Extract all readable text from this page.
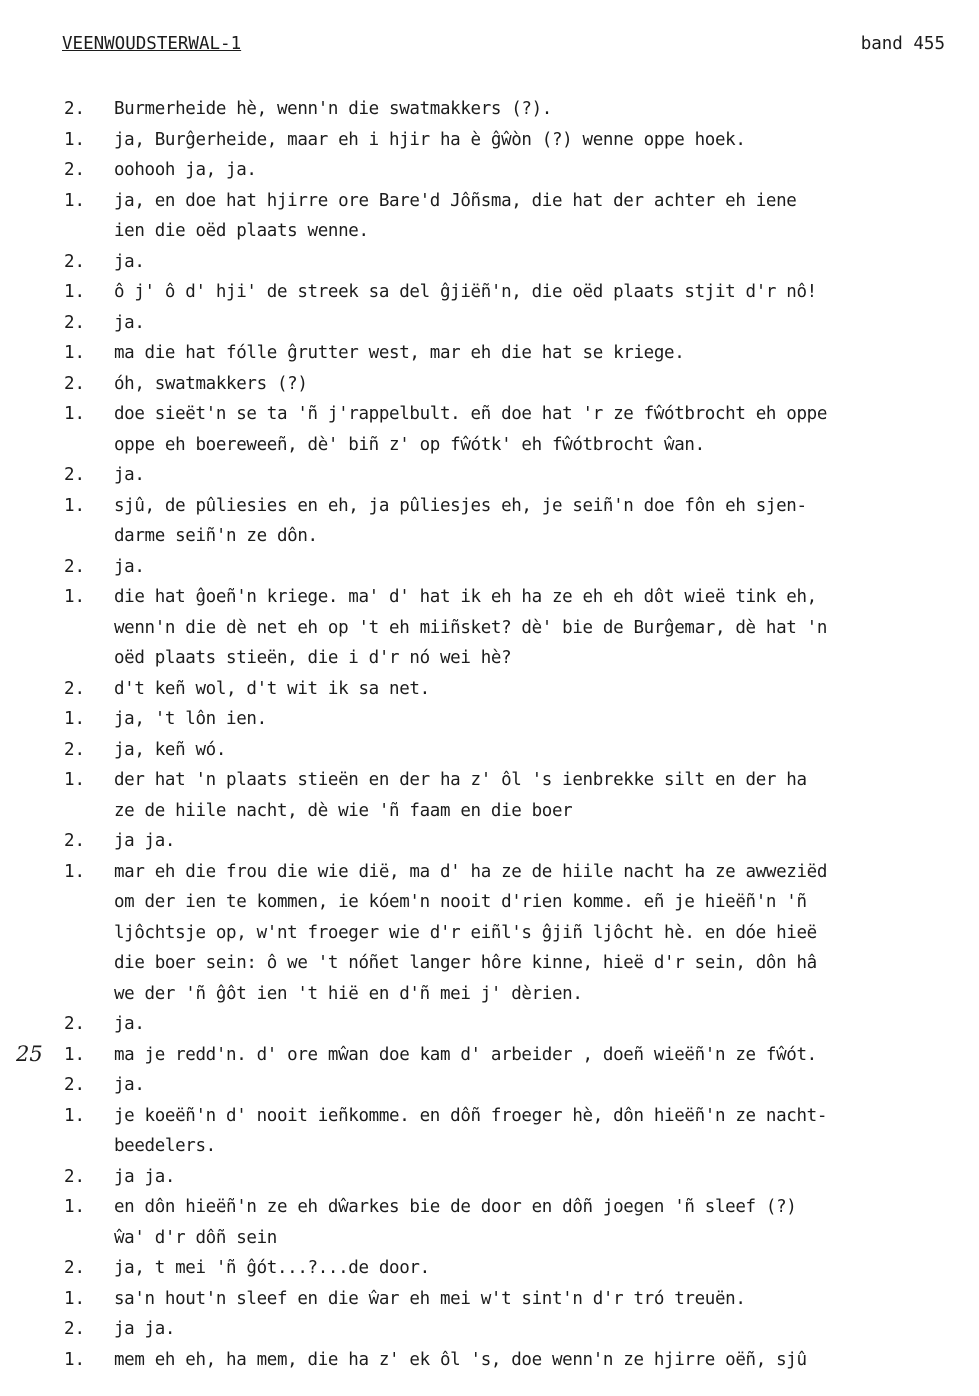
VEENWOUDSTERWAL-1	band 455
25
2.	Burmerheide hè, wenn'n die swatmakkers (?).
1.	ja, Burĝerheide, maar eh i hjir ha è ĝŵòn (?) wenne oppe hoek.
2.	oohooh ja, ja.
1.	ja, en doe hat hjirre ore Bare'd Jôñsma, die hat der achter eh iene
ien die oëd plaats wenne.
2.	ja.
1.	ô j' ô d' hji' de streek sa del ĝjiëñ'n, die oëd plaats stjit d'r nô!
2.	ja.
1.	ma die hat fólle ĝrutter west, mar eh die hat se kriege.
2.	óh, swatmakkers (?)
1.	doe sieët'n se ta 'ñ j'rappelbult. eñ doe hat 'r ze fŵótbrocht eh oppe
oppe eh boereweeñ, dè' biñ z' op fŵótk' eh fŵótbrocht ŵan.
2.	ja.
1.	sjû, de pûliesies en eh, ja pûliesjes eh, je seiñ'n doe fôn eh sjen-
darme seiñ'n ze dôn.
2.	ja.
1.	die hat ĝoeñ'n kriege. ma' d' hat ik eh ha ze eh eh dôt wieë tink eh,
wenn'n die dè net eh op 't eh miiñsket? dè' bie de Burĝemar, dè hat 'n
oëd plaats stieën, die i d'r nó wei hè?
2.	d't keñ wol, d't wit ik sa net.
1.	ja, 't lôn ien.
2.	ja, keñ wó.
1.	der hat 'n plaats stieën en der ha z' ôl 's ienbrekke silt en der ha
ze de hiile nacht, dè wie 'ñ faam en die boer
2.	ja ja.
1.	mar eh die frou die wie dië, ma d' ha ze de hiile nacht ha ze awweziëd
om der ien te kommen, ie kóem'n nooit d'rien komme. eñ je hieëñ'n 'ñ
ljôchtsje op, w'nt froeger wie d'r eiñl's ĝjiñ ljôcht hè. en dóe hieë
die boer sein: ô we 't nóñet langer hôre kinne, hieë d'r sein, dôn hâ
we der 'ñ ĝôt ien 't hië en d'ñ mei j' dèrien.
2.	ja.
1.	ma je redd'n. d' ore mŵan doe kam d' arbeider , doeñ wieëñ'n ze fŵót.
2.	ja.
1.	je koeëñ'n d' nooit ieñkomme. en dôñ froeger hè, dôn hieëñ'n ze nacht-
beedelers.
2.	ja ja.
1.	en dôn hieëñ'n ze eh dŵarkes bie de door en dôñ joegen 'ñ sleef (?)
ŵa' d'r dôñ sein
2.	ja, t mei 'ñ ĝót...?...de door.
1.	sa'n hout'n sleef en die ŵar eh mei w't sint'n d'r tró treuën.
2.	ja ja.
1.	mem eh eh, ha mem, die ha z' ek ôl 's, doe wenn'n ze hjirre oëñ, sjû
